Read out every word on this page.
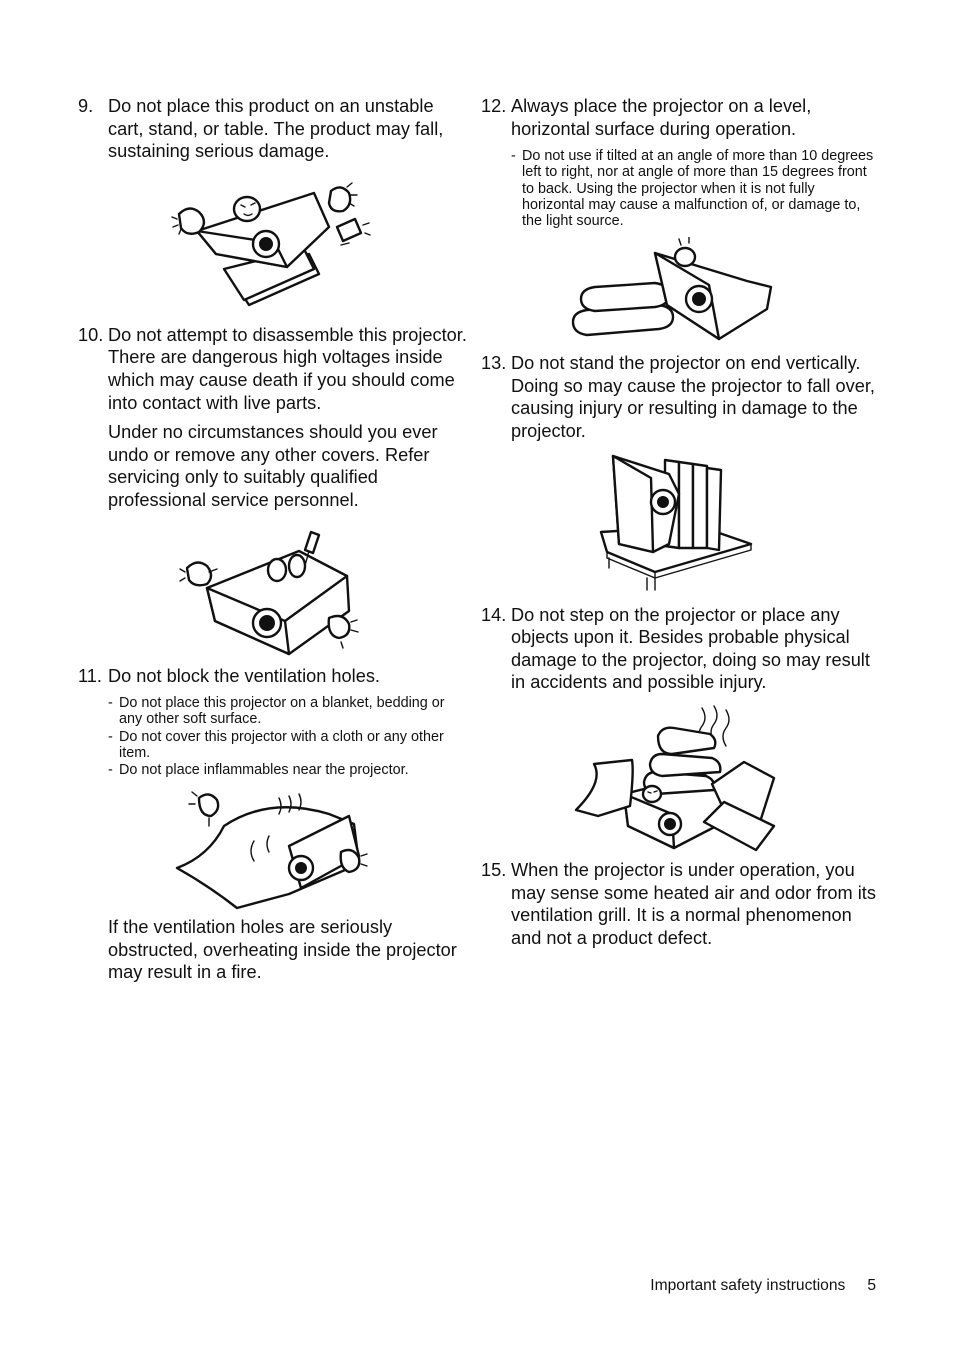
9. Do not place this product on an unstable cart, stand, or table. The product may fall, sustaining serious damage.
10. Do not attempt to disassemble this projector. There are dangerous high voltages inside which may cause death if you should come into contact with live parts.
Under no circumstances should you ever undo or remove any other covers. Refer servicing only to suitably qualified professional service personnel.
11. Do not block the ventilation holes.
- Do not place this projector on a blanket, bedding or any other soft surface.
- Do not cover this projector with a cloth or any other item.
- Do not place inflammables near the projector.
If the ventilation holes are seriously obstructed, overheating inside the projector may result in a fire.
12. Always place the projector on a level, horizontal surface during operation.
- Do not use if tilted at an angle of more than 10 degrees left to right, nor at angle of more than 15 degrees front to back. Using the projector when it is not fully horizontal may cause a malfunction of, or damage to, the light source.
13. Do not stand the projector on end vertically. Doing so may cause the projector to fall over, causing injury or resulting in damage to the projector.
14. Do not step on the projector or place any objects upon it. Besides probable physical damage to the projector, doing so may result in accidents and possible injury.
15. When the projector is under operation, you may sense some heated air and odor from its ventilation grill. It is a normal phenomenon and not a product defect.
Important safety instructions 5
